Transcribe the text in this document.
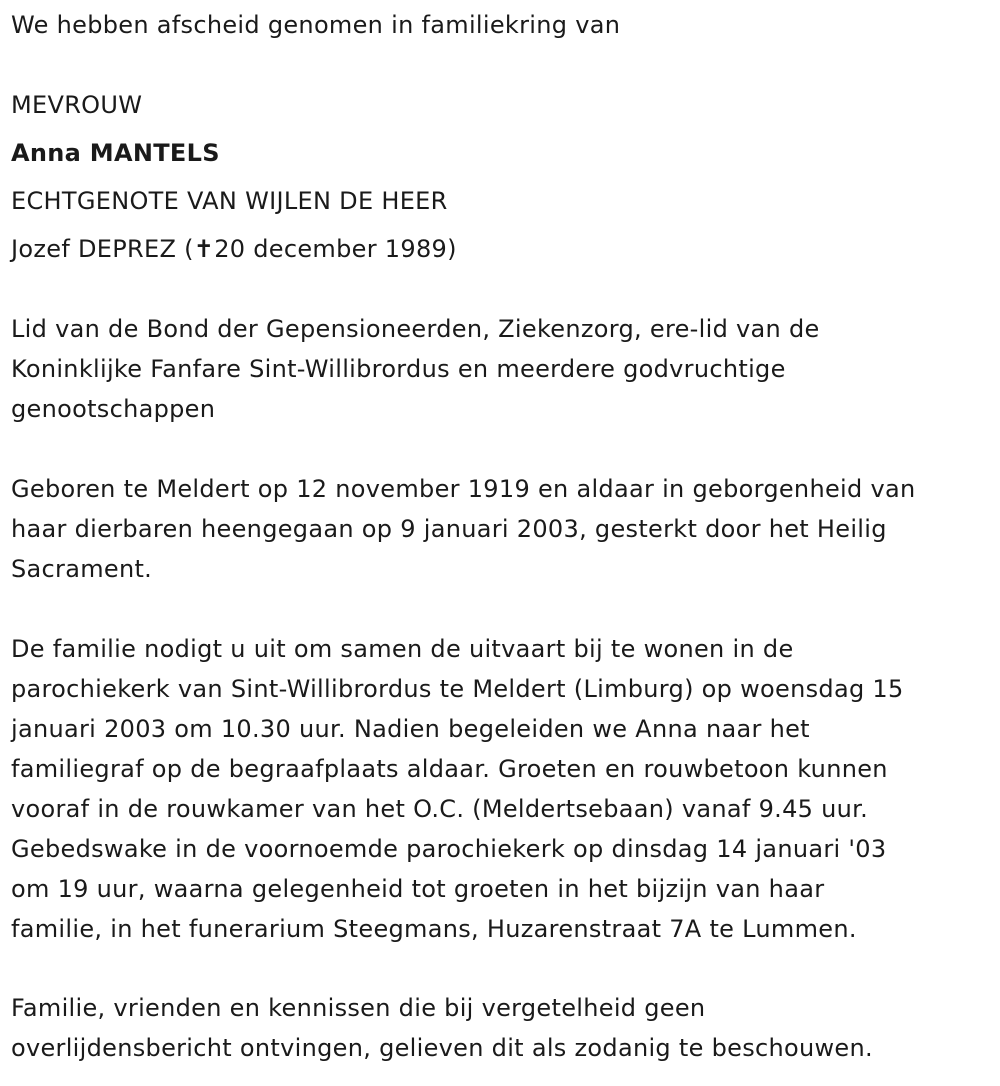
We hebben afscheid genomen in familiekring van

MEVROUW

Anna MANTELS

ECHTGENOTE VAN WIJLEN DE HEER

Jozef DEPREZ (✝20 december 1989)

Lid van de Bond der Gepensioneerden, Ziekenzorg, ere-lid van de
Koninklijke Fanfare Sint-Willibrordus en meerdere godvruchtige
genootschappen
Geboren te Meldert op 12 november 1919 en aldaar in geborgenheid van
haar dierbaren heengegaan op 9 januari 2003, gesterkt door het Heilig
Sacrament.
De familie nodigt u uit om samen de uitvaart bij te wonen in de
parochiekerk van Sint-Willibrordus te Meldert (Limburg) op woensdag 15
januari 2003 om 10.30 uur. Nadien begeleiden we Anna naar het
familiegraf op de begraafplaats aldaar. Groeten en rouwbetoon kunnen
vooraf in de rouwkamer van het O.C. (Meldertsebaan) vanaf 9.45 uur.
Gebedswake in de voornoemde parochiekerk op dinsdag 14 januari '03
om 19 uur, waarna gelegenheid tot groeten in het bijzijn van haar
familie, in het funerarium Steegmans, Huzarenstraat 7A te Lummen.
Familie, vrienden en kennissen die bij vergetelheid geen
overlijdensbericht ontvingen, gelieven dit als zodanig te beschouwen.
